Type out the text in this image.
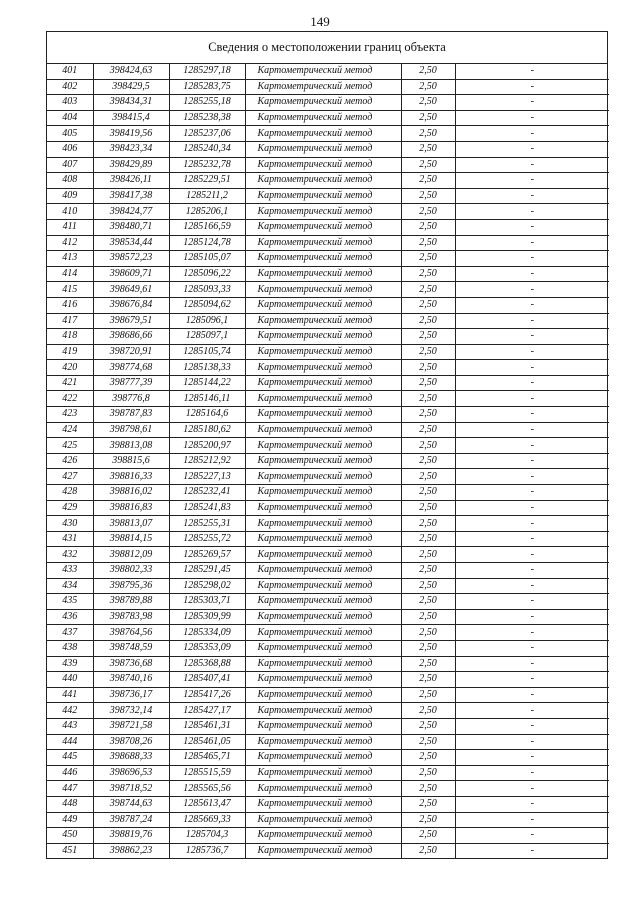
149
Сведения о местоположении границ объекта
401	398424,63	1285297,18	Картометрический метод	2,50	-
402	398429,5	1285283,75	Картометрический метод	2,50	-
403	398434,31	1285255,18	Картометрический метод	2,50	-
404	398415,4	1285238,38	Картометрический метод	2,50	-
405	398419,56	1285237,06	Картометрический метод	2,50	-
406	398423,34	1285240,34	Картометрический метод	2,50	-
407	398429,89	1285232,78	Картометрический метод	2,50	-
408	398426,11	1285229,51	Картометрический метод	2,50	-
409	398417,38	1285211,2	Картометрический метод	2,50	-
410	398424,77	1285206,1	Картометрический метод	2,50	-
411	398480,71	1285166,59	Картометрический метод	2,50	-
412	398534,44	1285124,78	Картометрический метод	2,50	-
413	398572,23	1285105,07	Картометрический метод	2,50	-
414	398609,71	1285096,22	Картометрический метод	2,50	-
415	398649,61	1285093,33	Картометрический метод	2,50	-
416	398676,84	1285094,62	Картометрический метод	2,50	-
417	398679,51	1285096,1	Картометрический метод	2,50	-
418	398686,66	1285097,1	Картометрический метод	2,50	-
419	398720,91	1285105,74	Картометрический метод	2,50	-
420	398774,68	1285138,33	Картометрический метод	2,50	-
421	398777,39	1285144,22	Картометрический метод	2,50	-
422	398776,8	1285146,11	Картометрический метод	2,50	-
423	398787,83	1285164,6	Картометрический метод	2,50	-
424	398798,61	1285180,62	Картометрический метод	2,50	-
425	398813,08	1285200,97	Картометрический метод	2,50	-
426	398815,6	1285212,92	Картометрический метод	2,50	-
427	398816,33	1285227,13	Картометрический метод	2,50	-
428	398816,02	1285232,41	Картометрический метод	2,50	-
429	398816,83	1285241,83	Картометрический метод	2,50	-
430	398813,07	1285255,31	Картометрический метод	2,50	-
431	398814,15	1285255,72	Картометрический метод	2,50	-
432	398812,09	1285269,57	Картометрический метод	2,50	-
433	398802,33	1285291,45	Картометрический метод	2,50	-
434	398795,36	1285298,02	Картометрический метод	2,50	-
435	398789,88	1285303,71	Картометрический метод	2,50	-
436	398783,98	1285309,99	Картометрический метод	2,50	-
437	398764,56	1285334,09	Картометрический метод	2,50	-
438	398748,59	1285353,09	Картометрический метод	2,50	-
439	398736,68	1285368,88	Картометрический метод	2,50	-
440	398740,16	1285407,41	Картометрический метод	2,50	-
441	398736,17	1285417,26	Картометрический метод	2,50	-
442	398732,14	1285427,17	Картометрический метод	2,50	-
443	398721,58	1285461,31	Картометрический метод	2,50	-
444	398708,26	1285461,05	Картометрический метод	2,50	-
445	398688,33	1285465,71	Картометрический метод	2,50	-
446	398696,53	1285515,59	Картометрический метод	2,50	-
447	398718,52	1285565,56	Картометрический метод	2,50	-
448	398744,63	1285613,47	Картометрический метод	2,50	-
449	398787,24	1285669,33	Картометрический метод	2,50	-
450	398819,76	1285704,3	Картометрический метод	2,50	-
451	398862,23	1285736,7	Картометрический метод	2,50	-
